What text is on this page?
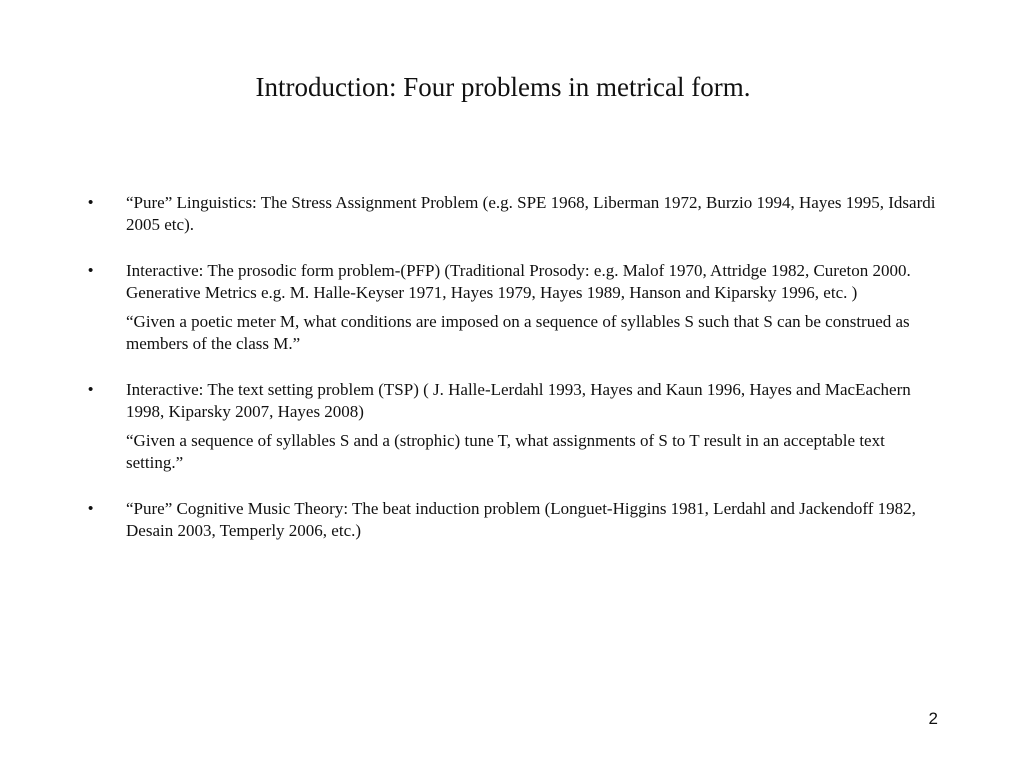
Introduction: Four problems in metrical form.
•	“Pure” Linguistics: The Stress Assignment Problem (e.g. SPE 1968, Liberman 1972, Burzio 1994, Hayes 1995, Idsardi 2005 etc).
•	Interactive: The prosodic form problem-(PFP) (Traditional Prosody: e.g. Malof 1970, Attridge 1982, Cureton 2000. Generative Metrics e.g. M. Halle-Keyser 1971, Hayes 1979, Hayes 1989, Hanson and Kiparsky 1996, etc. )
“Given a poetic meter M, what conditions are imposed on a sequence of syllables S such that S can be construed as members of the class M.”
•	Interactive: The text setting problem (TSP) ( J. Halle-Lerdahl 1993, Hayes and Kaun 1996, Hayes and MacEachern 1998, Kiparsky 2007, Hayes 2008)
“Given a sequence of syllables S and a (strophic) tune T, what assignments of S to T result in an acceptable text setting.”
•	“Pure” Cognitive Music Theory: The beat induction problem (Longuet-Higgins 1981, Lerdahl and Jackendoff 1982, Desain 2003, Temperly 2006, etc.)
2
